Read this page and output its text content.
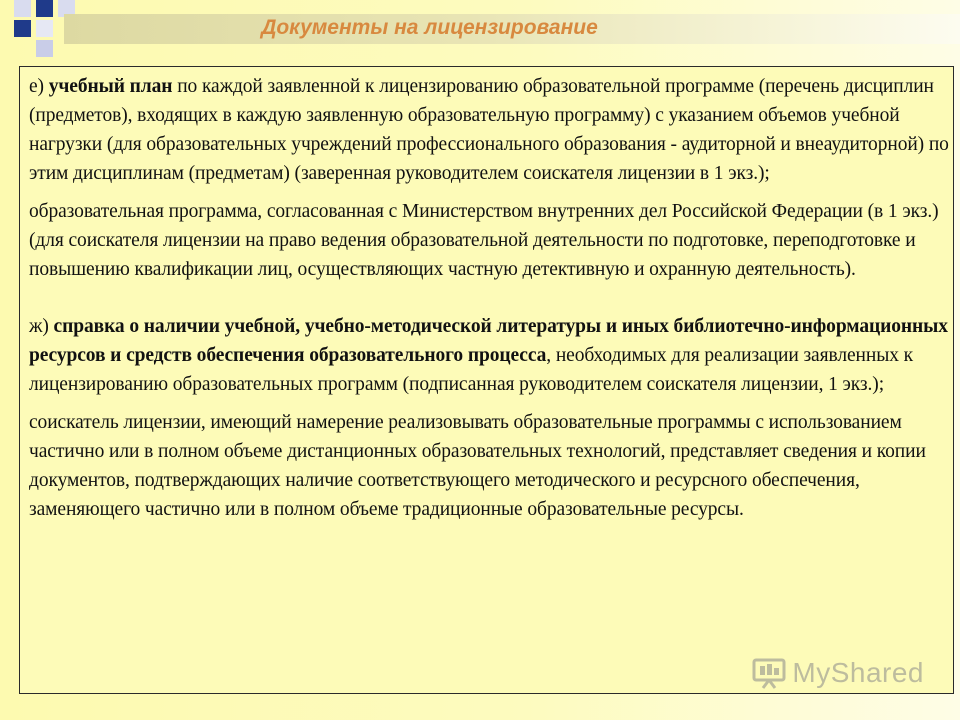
Документы на лицензирование

е) учебный план по каждой заявленной к лицензированию образовательной программе (перечень дисциплин (предметов), входящих в каждую заявленную образовательную программу) с указанием объемов учебной нагрузки (для образовательных учреждений профессионального образования - аудиторной и внеаудиторной) по этим дисциплинам (предметам) (заверенная руководителем соискателя лицензии в 1 экз.);

образовательная программа, согласованная с Министерством внутренних дел Российской Федерации (в 1 экз.) (для соискателя лицензии на право ведения образовательной деятельности по подготовке, переподготовке и повышению квалификации лиц, осуществляющих частную детективную и охранную деятельность).

ж) справка о наличии учебной, учебно-методической литературы и иных библиотечно-информационных ресурсов и средств обеспечения образовательного процесса, необходимых для реализации заявленных к лицензированию образовательных программ (подписанная руководителем соискателя лицензии, 1 экз.);

соискатель лицензии, имеющий намерение реализовывать образовательные программы с использованием частично или в полном объеме дистанционных образовательных технологий, представляет сведения и копии документов, подтверждающих наличие соответствующего методического и ресурсного обеспечения, заменяющего частично или в полном объеме традиционные образовательные ресурсы.

MyShared
